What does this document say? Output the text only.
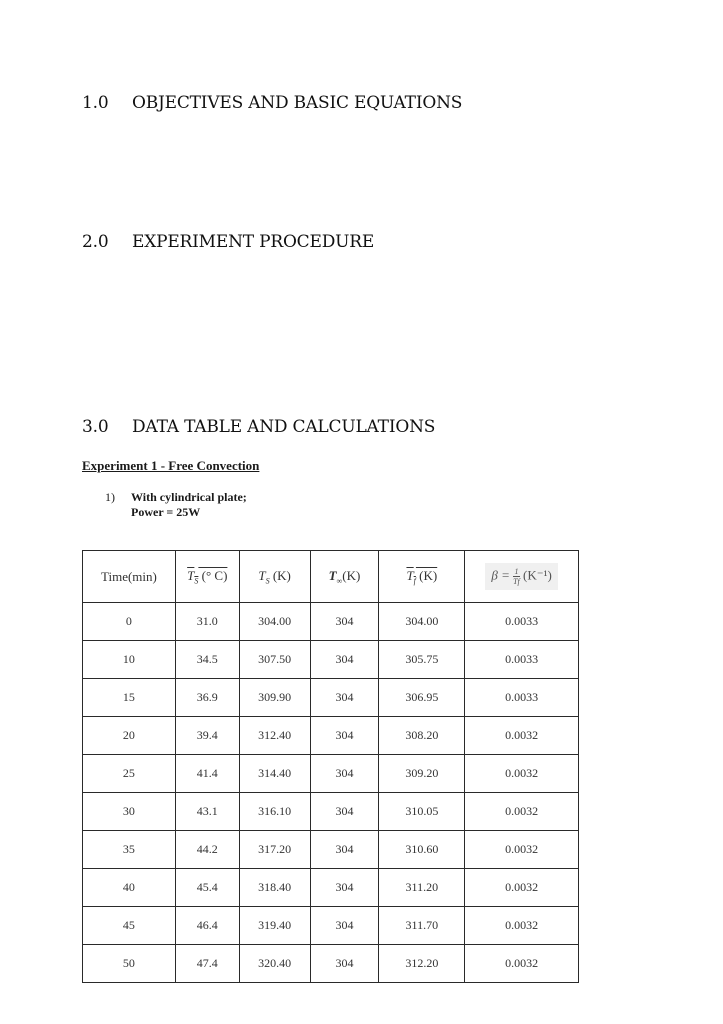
1.0 OBJECTIVES AND BASIC EQUATIONS
2.0 EXPERIMENT PROCEDURE
3.0 DATA TABLE AND CALCULATIONS
Experiment 1 - Free Convection
1) With cylindrical plate;
Power = 25W
Time(min)	$T_S$ (° C)	$T_S$ (K)	$T_\infty(K)$	$T_f$ (K)	$\beta = \frac{1}{Tf} (K^{-1})$
0	31.0	304.00	304	304.00	0.0033
10	34.5	307.50	304	305.75	0.0033
15	36.9	309.90	304	306.95	0.0033
20	39.4	312.40	304	308.20	0.0032
25	41.4	314.40	304	309.20	0.0032
30	43.1	316.10	304	310.05	0.0032
35	44.2	317.20	304	310.60	0.0032
40	45.4	318.40	304	311.20	0.0032
45	46.4	319.40	304	311.70	0.0032
50	47.4	320.40	304	312.20	0.0032
